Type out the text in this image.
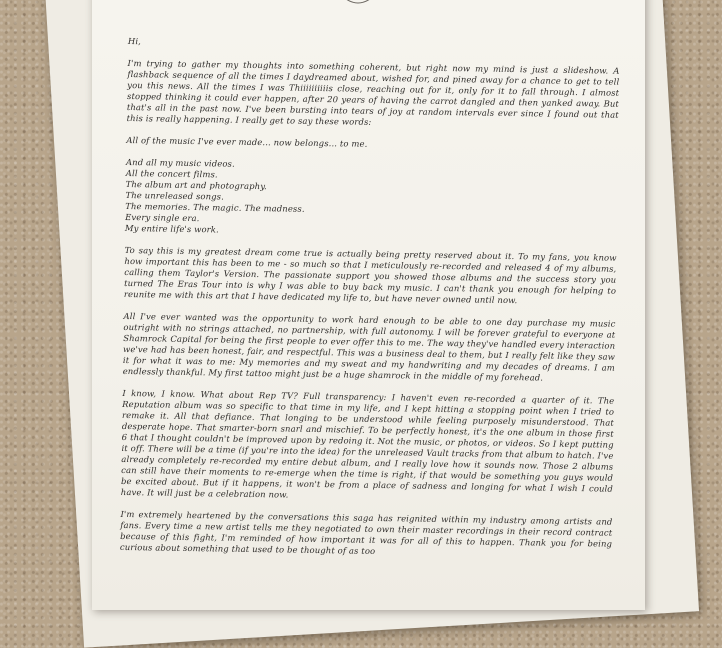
Hi,

I'm trying to gather my thoughts into something coherent, but right now my mind is just a slideshow. A flashback sequence of all the times I daydreamed about, wished for, and pined away for a chance to get to tell you this news. All the times I was Thiiiiiiiiiis close, reaching out for it, only for it to fall through. I almost stopped thinking it could ever happen, after 20 years of having the carrot dangled and then yanked away. But that's all in the past now. I've been bursting into tears of joy at random intervals ever since I found out that this is really happening. I really get to say these words:

All of the music I've ever made... now belongs... to me.

And all my music videos.
All the concert films.
The album art and photography.
The unreleased songs.
The memories. The magic. The madness.
Every single era.
My entire life's work.

To say this is my greatest dream come true is actually being pretty reserved about it. To my fans, you know how important this has been to me - so much so that I meticulously re-recorded and released 4 of my albums, calling them Taylor's Version. The passionate support you showed those albums and the success story you turned The Eras Tour into is why I was able to buy back my music. I can't thank you enough for helping to reunite me with this art that I have dedicated my life to, but have never owned until now.

All I've ever wanted was the opportunity to work hard enough to be able to one day purchase my music outright with no strings attached, no partnership, with full autonomy. I will be forever grateful to everyone at Shamrock Capital for being the first people to ever offer this to me. The way they've handled every interaction we've had has been honest, fair, and respectful. This was a business deal to them, but I really felt like they saw it for what it was to me: My memories and my sweat and my handwriting and my decades of dreams. I am endlessly thankful. My first tattoo might just be a huge shamrock in the middle of my forehead.

I know, I know. What about Rep TV? Full transparency: I haven't even re-recorded a quarter of it. The Reputation album was so specific to that time in my life, and I kept hitting a stopping point when I tried to remake it. All that defiance. That longing to be understood while feeling purposely misunderstood. That desperate hope. That smarter-born snarl and mischief. To be perfectly honest, it's the one album in those first 6 that I thought couldn't be improved upon by redoing it. Not the music, or photos, or videos. So I kept putting it off. There will be a time (if you're into the idea) for the unreleased Vault tracks from that album to hatch. I've already completely re-recorded my entire debut album, and I really love how it sounds now. Those 2 albums can still have their moments to re-emerge when the time is right, if that would be something you guys would be excited about. But if it happens, it won't be from a place of sadness and longing for what I wish I could have. It will just be a celebration now.

I'm extremely heartened by the conversations this saga has reignited within my industry among artists and fans. Every time a new artist tells me they negotiated to own their master recordings in their record contract because of this fight, I'm reminded of how important it was for all of this to happen. Thank you for being curious about something that used to be thought of as too
